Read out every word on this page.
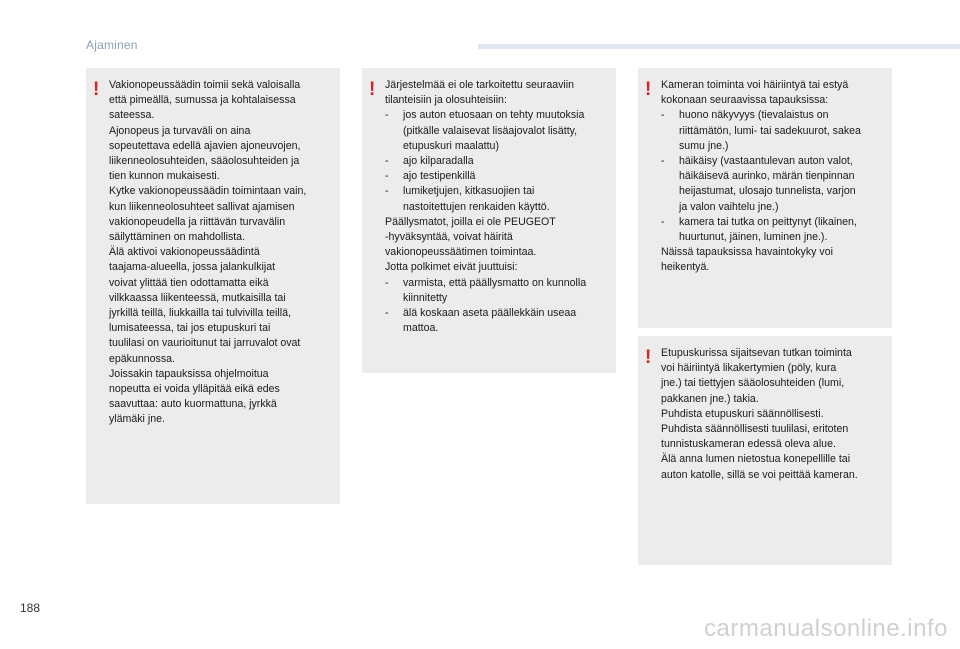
Ajaminen
! Vakionopeussäädin toimii sekä valoisalla

että pimeällä, sumussa ja kohtalaisessa

sateessa.

Ajonopeus ja turvaväli on aina

sopeutettava edellä ajavien ajoneuvojen,

liikenneolosuhteiden, sääolosuhteiden ja

tien kunnon mukaisesti.

Kytke vakionopeussäädin toimintaan vain,

kun liikenneolosuhteet sallivat ajamisen

vakionopeudella ja riittävän turvavälin

säilyttäminen on mahdollista.

Älä aktivoi vakionopeussäädintä

taajama-alueella, jossa jalankulkijat

voivat ylittää tien odottamatta eikä

vilkkaassa liikenteessä, mutkaisilla tai

jyrkillä teillä, liukkailla tai tulvivilla teillä,

lumisateessa, tai jos etupuskuri tai

tuulilasi on vaurioitunut tai jarruvalot ovat

epäkunnossa.

Joissakin tapauksissa ohjelmoitua

nopeutta ei voida ylläpitää eikä edes

saavuttaa: auto kuormattuna, jyrkkä

ylämäki jne.

! Järjestelmää ei ole tarkoitettu seuraaviin

tilanteisiin ja olosuhteisiin:

- jos auton etuosaan on tehty muutoksia

(pitkälle valaisevat lisäajovalot lisätty,

etupuskuri maalattu)

- ajo kilparadalla

- ajo testipenkillä

- lumiketjujen, kitkasuojien tai

nastoitettujen renkaiden käyttö.

Päällysmatot, joilla ei ole PEUGEOT

-hyväksyntää, voivat häiritä

vakionopeussäätimen toimintaa.

Jotta polkimet eivät juuttuisi:

- varmista, että päällysmatto on kunnolla

kiinnitetty

- älä koskaan aseta päällekkäin useaa

mattoa.

! Kameran toiminta voi häiriintyä tai estyä

kokonaan seuraavissa tapauksissa:

- huono näkyvyys (tievalaistus on

riittämätön, lumi- tai sadekuurot, sakea

sumu jne.)

- häikäisy (vastaantulevan auton valot,

häikäisevä aurinko, märän tienpinnan

heijastumat, ulosajo tunnelista, varjon

ja valon vaihtelu jne.)

- kamera tai tutka on peittynyt (likainen,

huurtunut, jäinen, luminen jne.).

Näissä tapauksissa havaintokyky voi

heikentyä.

! Etupuskurissa sijaitsevan tutkan toiminta

voi häiriintyä likakertymien (pöly, kura

jne.) tai tiettyjen sääolosuhteiden (lumi,

pakkanen jne.) takia.

Puhdista etupuskuri säännöllisesti.

Puhdista säännöllisesti tuulilasi, eritoten

tunnistuskameran edessä oleva alue.

Älä anna lumen nietostua konepellille tai

auton katolle, sillä se voi peittää kameran.

188
carmanualsonline.info
